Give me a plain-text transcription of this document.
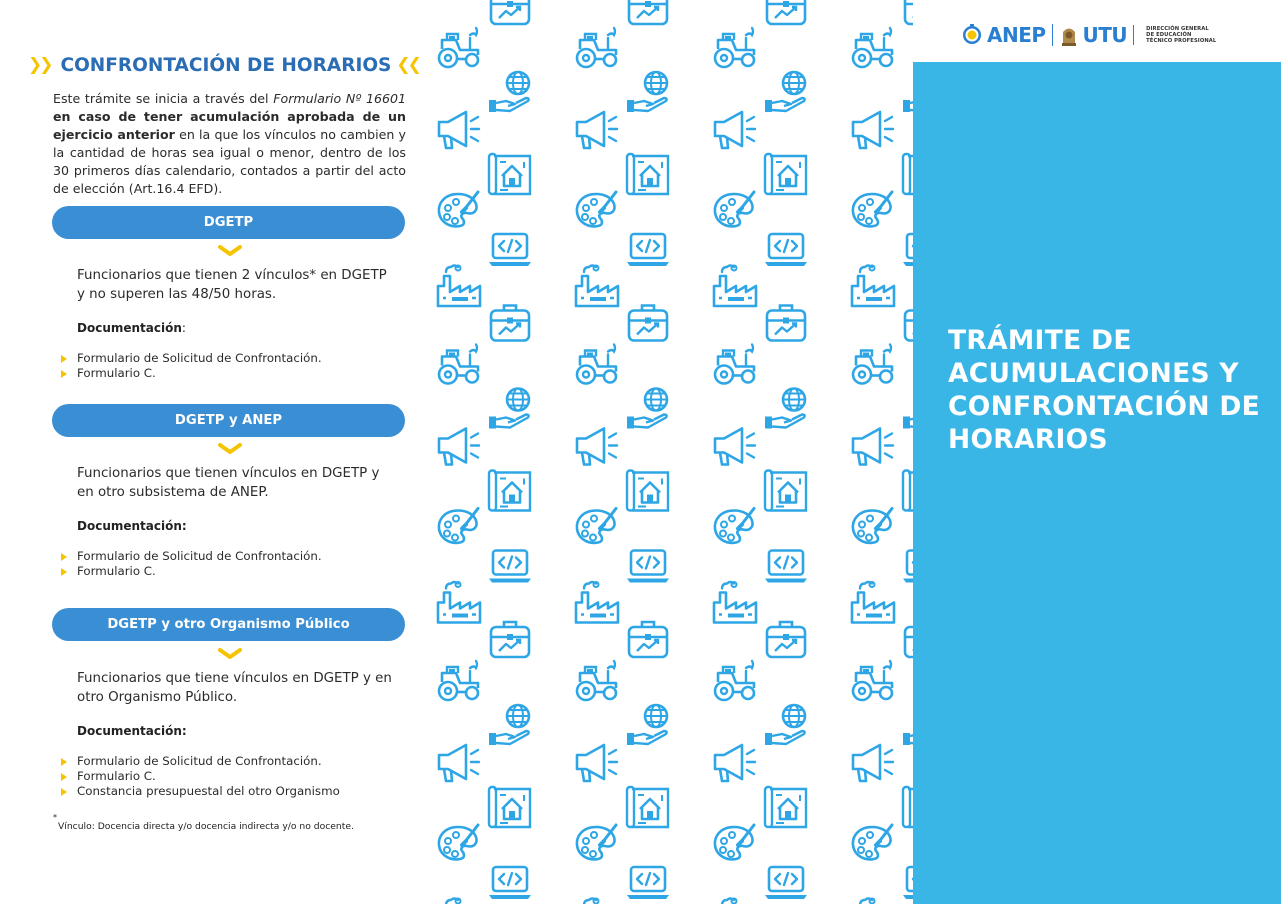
❯❯ CONFRONTACIÓN DE HORARIOS ❮❮
Este trámite se inicia a través del Formulario Nº 16601 en caso de tener acumulación aprobada de un ejercicio anterior en la que los vínculos no cambien y la cantidad de horas sea igual o menor, dentro de los 30 primeros días calendario, contados a partir del acto de elección (Art.16.4 EFD).
DGETP
Funcionarios que tienen 2 vínculos* en DGETP y no superen las 48/50 horas.
Documentación:
Formulario de Solicitud de Confrontación.
Formulario C.
DGETP y ANEP
Funcionarios que tienen vínculos en DGETP y en otro subsistema de ANEP.
Documentación:
Formulario de Solicitud de Confrontación.
Formulario C.
DGETP y otro Organismo Público
Funcionarios que tiene vínculos en DGETP y en otro Organismo Público.
Documentación:
Formulario de Solicitud de Confrontación.
Formulario C.
Constancia presupuestal del otro Organismo
*Vínculo: Docencia directa y/o docencia indirecta y/o no docente.
ANEP UTU	DIRECCIÓN GENERAL
DE EDUCACIÓN
TÉCNICO PROFESIONAL
TRÁMITE DE ACUMULACIONES Y CONFRONTACIÓN DE HORARIOS
